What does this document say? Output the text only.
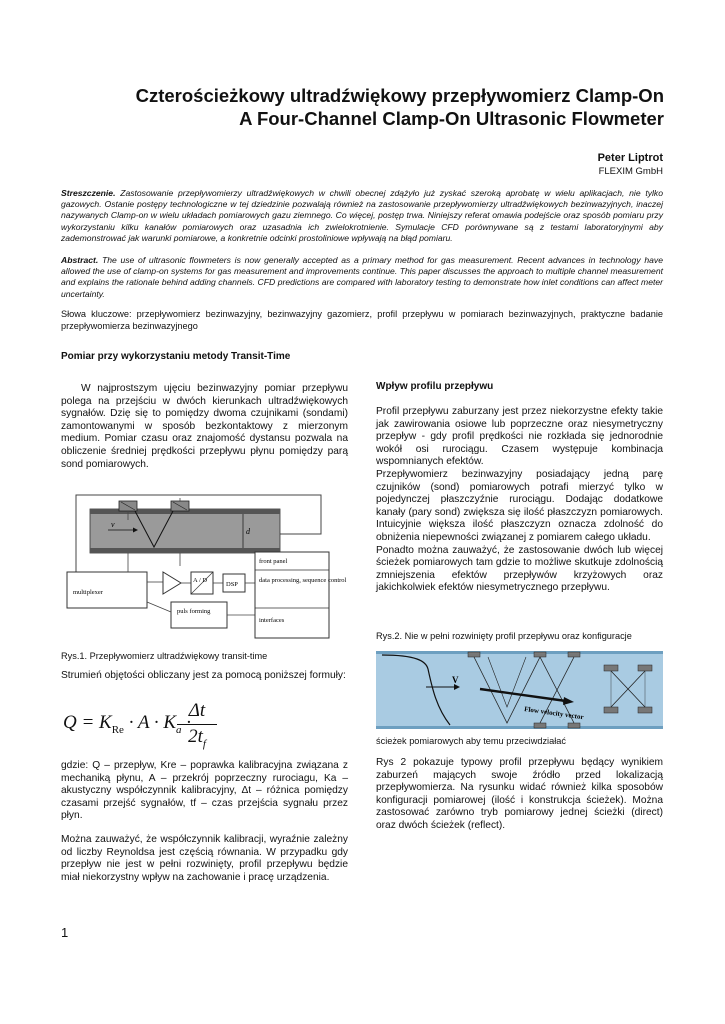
Czterościeżkowy ultradźwiękowy przepływomierz Clamp-On
A Four-Channel Clamp-On Ultrasonic Flowmeter
Peter Liptrot
FLEXIM GmbH
Streszczenie. Zastosowanie przepływomierzy ultradźwiękowych w chwili obecnej zdążyło już zyskać szeroką aprobatę w wielu aplikacjach, nie tylko gazowych. Ostanie postępy technologiczne w tej dziedzinie pozwalają również na zastosowanie przepływomierzy ultradźwiękowych bezinwazyjnych, inaczej nazywanych Clamp-on w wielu układach pomiarowych gazu ziemnego. Co więcej, postęp trwa. Niniejszy referat omawia podejście oraz sposób pomiaru przy wykorzystaniu kilku kanałów pomiarowych oraz uzasadnia ich zwielokrotnienie. Symulacje CFD porównywane są z testami laboratoryjnymi aby zademonstrować jak warunki pomiarowe, a konkretnie odcinki prostoliniowe wpływają na błąd pomiaru.
Abstract. The use of ultrasonic flowmeters is now generally accepted as a primary method for gas measurement. Recent advances in technology have allowed the use of clamp-on systems for gas measurement and improvements continue. This paper discusses the approach to multiple channel measurement and explains the rationale behind adding channels. CFD predictions are compared with laboratory testing to demonstrate how inlet conditions can affect meter uncertainty.
Słowa kluczowe: przepływomierz bezinwazyjny, bezinwazyjny gazomierz, profil przepływu w pomiarach bezinwazyjnych, praktyczne badanie przepływomierza bezinwazyjnego
Pomiar przy wykorzystaniu metody Transit-Time

W najprostszym ujęciu bezinwazyjny pomiar przepływu polega na przejściu w dwóch kierunkach ultradźwiękowych sygnałów. Dzię się to pomiędzy dwoma czujnikami (sondami) zamontowanymi w sposób bezkontaktowy z mierzonym medium. Pomiar czasu oraz znajomość dystansu pozwala na obliczenie średniej prędkości przepływu płynu pomiędzy parą sond pomiarowych.

v
d
multiplexer
A / D
DSP
puls forming
front panel
data processing, sequence control
interfaces
Rys.1. Przepływomierz ultradźwiękowy transit-time
Strumień objętości obliczany jest za pomocą poniższej formuły:
$Q = K_{Re} \cdot A \cdot K_a$ ·
Δt
$2t_f$
gdzie: Q – przepływ, Kre – poprawka kalibracyjna związana z mechaniką płynu, A – przekrój poprzeczny rurociagu, Ka – akustyczny współczynnik kalibracyjny, Δt – różnica pomiędzy czasami przejść sygnałów, tf – czas przejścia sygnału przez płyn.
Można zauważyć, że współczynnik kalibracji, wyraźnie zależny od liczby Reynoldsa jest częścią równania. W przypadku gdy przepływ nie jest w pełni rozwinięty, profil przepływu będzie miał niekorzystny wpływ na zachowanie i pracę urządzenia.
Wpływ profilu przepływu

Profil przepływu zaburzany jest przez niekorzystne efekty takie jak zawirowania osiowe lub poprzeczne oraz niesymetryczny przepływ - gdy profil prędkości nie rozkłada się jednorodnie wokół osi rurociągu. Czasem występuje kombinacja wspomnianych efektów.

Przepływomierz bezinwazyjny posiadający jedną parę czujników (sond) pomiarowych potrafi mierzyć tylko w pojedynczej płaszczyźnie rurociągu. Dodając dodatkowe kanały (pary sond) zwiększa się ilość płaszczyzn pomiarowych. Intuicyjnie większa ilość płaszczyzn oznacza zdolność do obniżenia niepewności związanej z pomiarem całego układu.

Ponadto można zauważyć, że zastosowanie dwóch lub więcej ścieżek pomiarowych tam gdzie to możliwe skutkuje zdolnością zmniejszenia efektów przepływów krzyżowych oraz jakichkolwiek efektów niesymetrycznego przepływu.

Rys.2. Nie w pełni rozwinięty profil przepływu oraz konfiguracje
V
Flow velocity vector
ścieżek pomiarowych aby temu przeciwdziałać
Rys 2 pokazuje typowy profil przepływu będący wynikiem zaburzeń mających swoje źródło przed lokalizacją przepływomierza. Na rysunku widać również kilka sposobów konfiguracji pomiarowej (ilość i konstrukcja ścieżek). Można zastosować zarówno tryb pomiarowy jednej ścieżki (direct) oraz dwóch ścieżek (reflect).
1
